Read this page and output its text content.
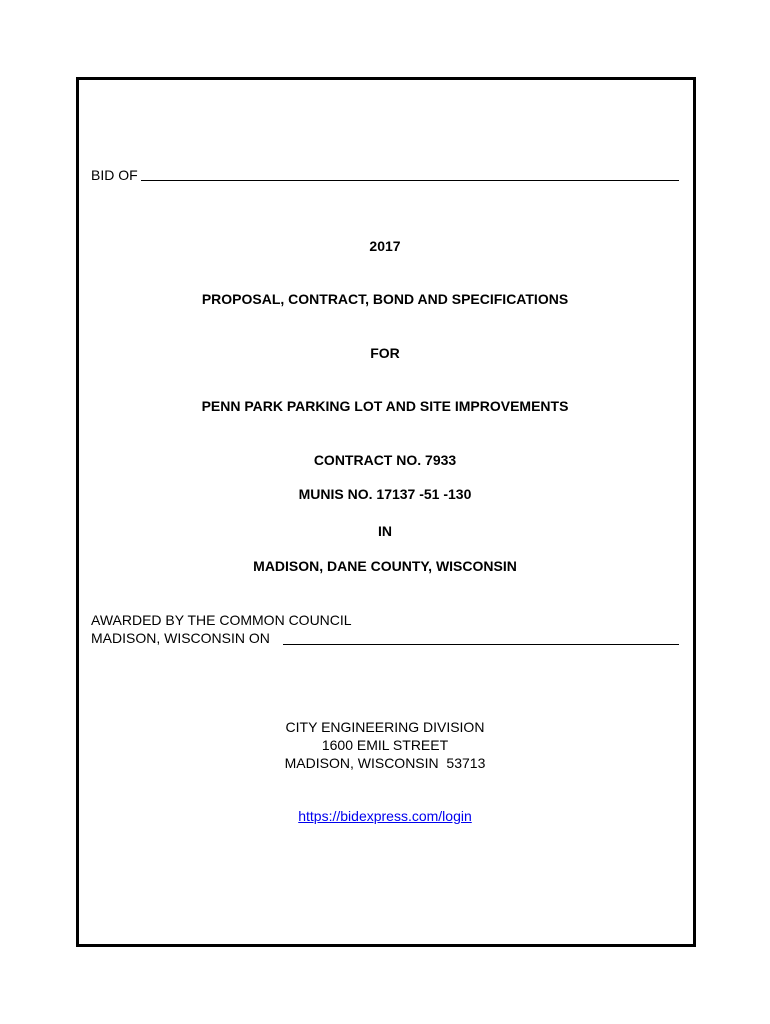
BID OF
2017
PROPOSAL, CONTRACT, BOND AND SPECIFICATIONS
FOR
PENN PARK PARKING LOT AND SITE IMPROVEMENTS
CONTRACT NO. 7933
MUNIS NO. 17137 -51 -130
IN
MADISON, DANE COUNTY, WISCONSIN
AWARDED BY THE COMMON COUNCIL
MADISON, WISCONSIN ON
CITY ENGINEERING DIVISION
1600 EMIL STREET
MADISON, WISCONSIN  53713
https://bidexpress.com/login
